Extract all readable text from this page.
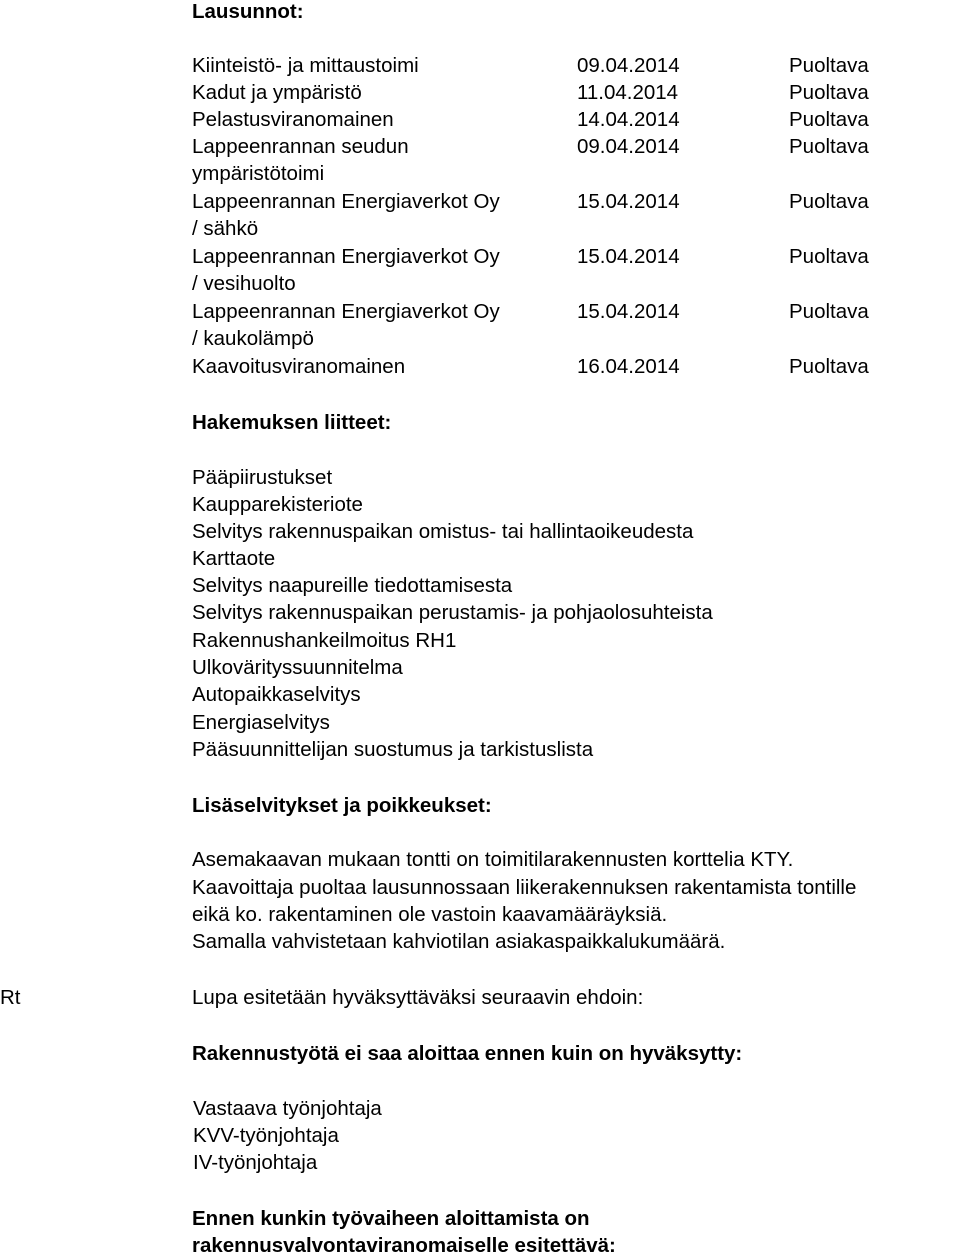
Lausunnot:
Kiinteistö- ja mittaustoimi	09.04.2014	Puoltava
Kadut ja ympäristö	11.04.2014	Puoltava
Pelastusviranomainen	14.04.2014	Puoltava
Lappeenrannan seudun	09.04.2014	Puoltava
ympäristötoimi
Lappeenrannan Energiaverkot Oy	15.04.2014	Puoltava
/ sähkö
Lappeenrannan Energiaverkot Oy	15.04.2014	Puoltava
/ vesihuolto
Lappeenrannan Energiaverkot Oy	15.04.2014	Puoltava
/ kaukolämpö
Kaavoitusviranomainen	16.04.2014	Puoltava
Hakemuksen liitteet:
Pääpiirustukset
Kaupparekisteriote
Selvitys rakennuspaikan omistus- tai hallintaoikeudesta
Karttaote
Selvitys naapureille tiedottamisesta
Selvitys rakennuspaikan perustamis- ja pohjaolosuhteista
Rakennushankeilmoitus RH1
Ulkovärityssuunnitelma
Autopaikkaselvitys
Energiaselvitys
Pääsuunnittelijan suostumus ja tarkistuslista
Lisäselvitykset ja poikkeukset:
Asemakaavan mukaan tontti on toimitilarakennusten korttelia KTY.
Kaavoittaja puoltaa lausunnossaan liikerakennuksen rakentamista tontille
eikä ko. rakentaminen ole vastoin kaavamääräyksiä.
Samalla vahvistetaan kahviotilan asiakaspaikkalukumäärä.
Rt	Lupa esitetään hyväksyttäväksi seuraavin ehdoin:
Rakennustyötä ei saa aloittaa ennen kuin on hyväksytty:
Vastaava työnjohtaja
KVV-työnjohtaja
IV-työnjohtaja
Ennen kunkin työvaiheen aloittamista on
rakennusvalvontaviranomaiselle esitettävä:
